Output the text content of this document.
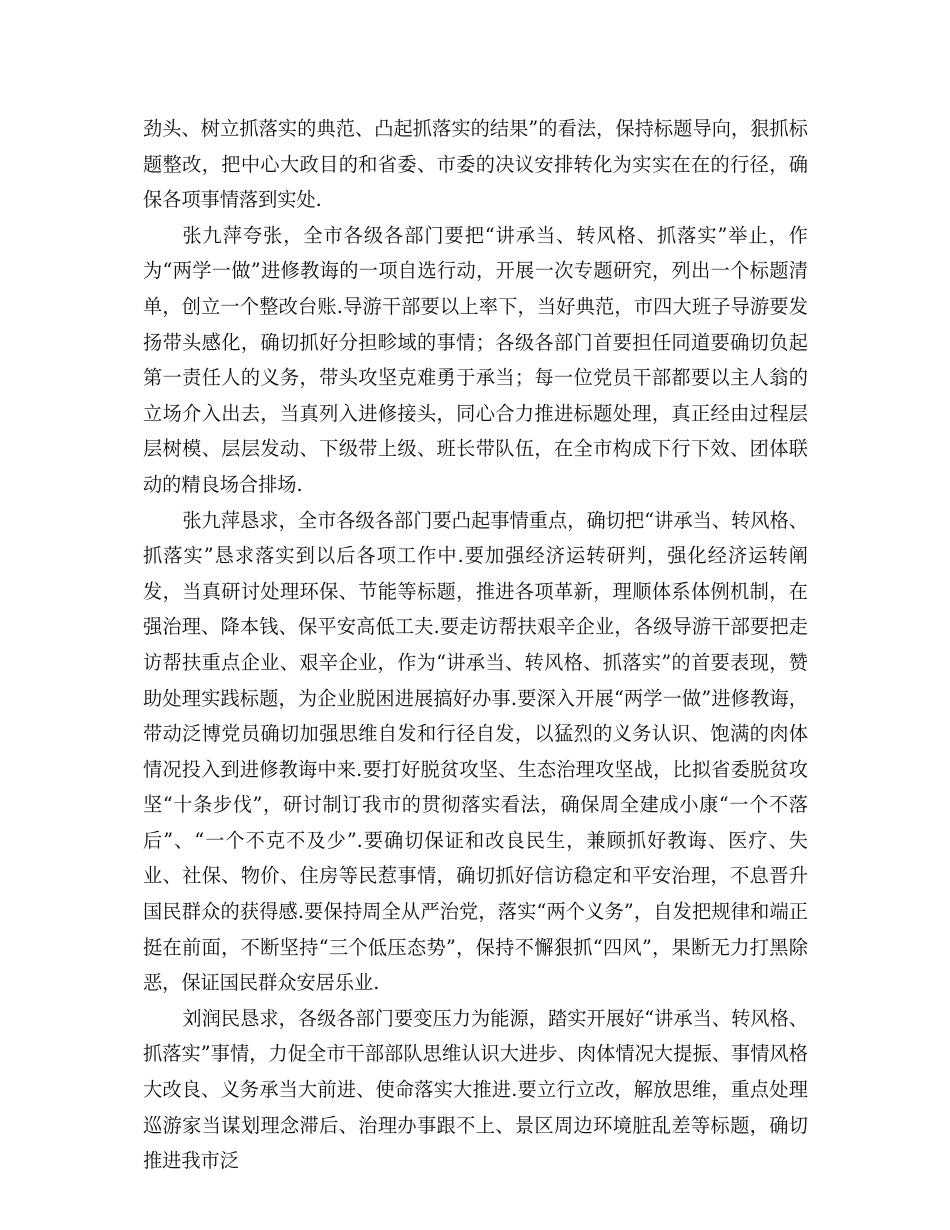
劲头、树立抓落实的典范、凸起抓落实的结果”的看法，保持标题导向，狠抓标题整改，把中心大政目的和省委、市委的决议安排转化为实实在在的行径，确保各项事情落到实处.

张九萍夸张，全市各级各部门要把“讲承当、转风格、抓落实”举止，作为“两学一做”进修教诲的一项自选行动，开展一次专题研究，列出一个标题清单，创立一个整改台账.导游干部要以上率下，当好典范，市四大班子导游要发扬带头感化，确切抓好分担畛域的事情；各级各部门首要担任同道要确切负起第一责任人的义务，带头攻坚克难勇于承当；每一位党员干部都要以主人翁的立场介入出去，当真列入进修接头，同心合力推进标题处理，真正经由过程层层树模、层层发动、下级带上级、班长带队伍，在全市构成下行下效、团体联动的精良场合排场.

张九萍恳求，全市各级各部门要凸起事情重点，确切把“讲承当、转风格、抓落实”恳求落实到以后各项工作中.要加强经济运转研判，强化经济运转阐发，当真研讨处理环保、节能等标题，推进各项革新，理顺体系体例机制，在强治理、降本钱、保平安高低工夫.要走访帮扶艰辛企业，各级导游干部要把走访帮扶重点企业、艰辛企业，作为“讲承当、转风格、抓落实”的首要表现，赞助处理实践标题，为企业脱困进展搞好办事.要深入开展“两学一做”进修教诲，带动泛博党员确切加强思维自发和行径自发，以猛烈的义务认识、饱满的肉体情况投入到进修教诲中来.要打好脱贫攻坚、生态治理攻坚战，比拟省委脱贫攻坚“十条步伐”，研讨制订我市的贯彻落实看法，确保周全建成小康“一个不落后”、“一个不克不及少”.要确切保证和改良民生，兼顾抓好教诲、医疗、失业、社保、物价、住房等民惹事情，确切抓好信访稳定和平安治理，不息晋升国民群众的获得感.要保持周全从严治党，落实“两个义务”，自发把规律和端正挺在前面，不断坚持“三个低压态势”，保持不懈狠抓“四风”，果断无力打黑除恶，保证国民群众安居乐业.

刘润民恳求，各级各部门要变压力为能源，踏实开展好“讲承当、转风格、抓落实”事情，力促全市干部部队思维认识大进步、肉体情况大提振、事情风格大改良、义务承当大前进、使命落实大推进.要立行立改，解放思维，重点处理巡游家当谋划理念滞后、治理办事跟不上、景区周边环境脏乱差等标题，确切推进我市泛
